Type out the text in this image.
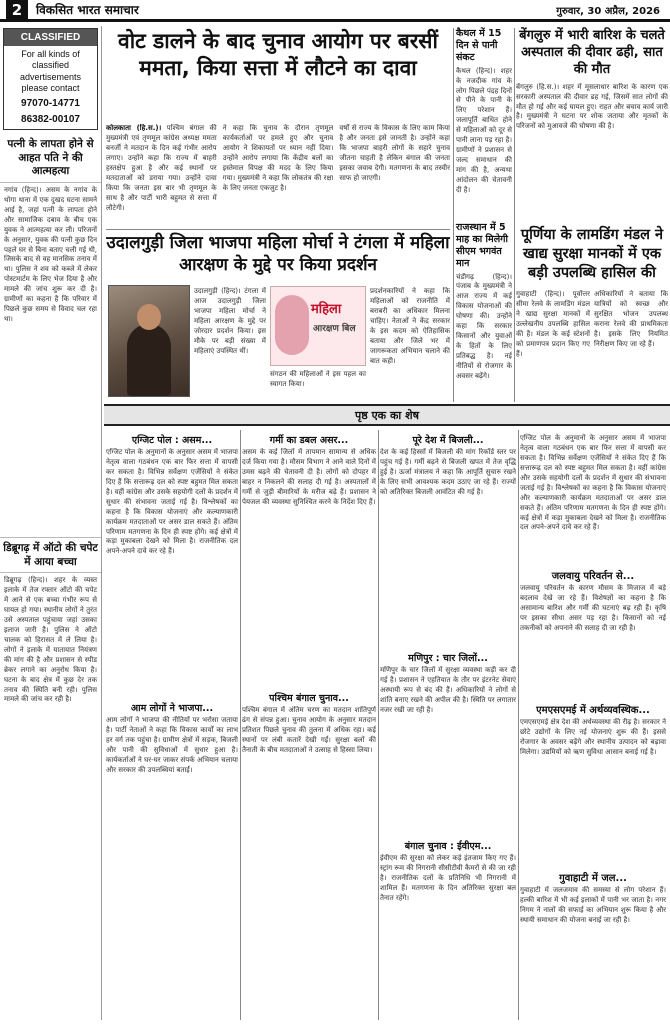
2	विकसित भारत समाचार	गुरुवार, 30 अप्रैल, 2026
CLASSIFIED
For all kinds of classified advertisements please contact
97070-14771
86382-00107
पत्नी के लापता होने से आहत पति ने की आत्महत्या
नगांव (हिन्द)। असम के नगांव के थोगा थाना में एक दुखद घटना सामने आई है, जहां पत्नी के लापता होने और सामाजिक दबाव के बीच एक युवक ने आत्महत्या कर ली। परिजनों के अनुसार, युवक की पत्नी कुछ दिन पहले घर से बिना बताए चली गई थी, जिसके बाद से वह मानसिक तनाव में था। पुलिस ने शव को कब्जे में लेकर पोस्टमार्टम के लिए भेज दिया है और मामले की जांच शुरू कर दी है। ग्रामीणों का कहना है कि परिवार में पिछले कुछ समय से विवाद चल रहा था।
डिब्रूगढ़ में ऑटो की चपेट में आया बच्चा
डिब्रूगढ़ (हिन्द)। शहर के व्यस्त इलाके में तेज रफ्तार ऑटो की चपेट में आने से एक बच्चा गंभीर रूप से घायल हो गया। स्थानीय लोगों ने तुरंत उसे अस्पताल पहुंचाया जहां उसका इलाज जारी है। पुलिस ने ऑटो चालक को हिरासत में ले लिया है। लोगों ने इलाके में यातायात नियंत्रण की मांग की है और प्रशासन से स्पीड ब्रेकर लगाने का अनुरोध किया है। घटना के बाद क्षेत्र में कुछ देर तक तनाव की स्थिति बनी रही। पुलिस मामले की जांच कर रही है।
वोट डालने के बाद चुनाव आयोग पर बरसीं ममता, किया सत्ता में लौटने का दावा
कोलकाता (हि.स.)। पश्चिम बंगाल की मुख्यमंत्री एवं तृणमूल कांग्रेस अध्यक्ष ममता बनर्जी ने मतदान के दिन कई गंभीर आरोप लगाए। उन्होंने कहा कि राज्य में बाहरी हस्तक्षेप हुआ है और कई स्थानों पर मतदाताओं को डराया गया। उन्होंने दावा किया कि जनता इस बार भी तृणमूल के साथ है और पार्टी भारी बहुमत से सत्ता में लौटेगी।
ने कहा कि चुनाव के दौरान तृणमूल कार्यकर्ताओं पर हमले हुए और चुनाव आयोग ने शिकायतों पर ध्यान नहीं दिया। उन्होंने आरोप लगाया कि केंद्रीय बलों का इस्तेमाल विपक्ष की मदद के लिए किया गया। मुख्यमंत्री ने कहा कि लोकतंत्र की रक्षा के लिए जनता एकजुट है।
वर्षों से राज्य के विकास के लिए काम किया है और जनता इसे जानती है। उन्होंने कहा कि भाजपा बाहरी लोगों के सहारे चुनाव जीतना चाहती है लेकिन बंगाल की जनता इसका जवाब देगी। मतगणना के बाद तस्वीर साफ हो जाएगी।
कैथल में 15 दिन से पानी संकट
कैथल (हिन्द)। शहर के नजदीक गांव के लोग पिछले पंद्रह दिनों से पीने के पानी के लिए परेशान हैं। जलापूर्ति बाधित होने से महिलाओं को दूर से पानी लाना पड़ रहा है। ग्रामीणों ने प्रशासन से जल्द समाधान की मांग की है, अन्यथा आंदोलन की चेतावनी दी है।
बेंगलुरु में भारी बारिश के चलते अस्पताल की दीवार ढही, सात की मौत
बेंगलुरु (हि.स.)। शहर में मूसलाधार बारिश के कारण एक सरकारी अस्पताल की दीवार ढह गई, जिसमें सात लोगों की मौत हो गई और कई घायल हुए। राहत और बचाव कार्य जारी है। मुख्यमंत्री ने घटना पर शोक जताया और मृतकों के परिजनों को मुआवजे की घोषणा की है।
उदालगुड़ी जिला भाजपा महिला मोर्चा ने टंगला में महिला आरक्षण के मुद्दे पर किया प्रदर्शन
उदालगुड़ी (हिन्द)। टंगला में आज उदालगुड़ी जिला भाजपा महिला मोर्चा ने महिला आरक्षण के मुद्दे पर जोरदार प्रदर्शन किया। इस मौके पर बड़ी संख्या में महिलाएं उपस्थित थीं।
महिला
आरक्षण बिल
संगठन की महिलाओं ने इस पहल का स्वागत किया।
प्रदर्शनकारियों ने कहा कि महिलाओं को राजनीति में बराबरी का अधिकार मिलना चाहिए। नेताओं ने केंद्र सरकार के इस कदम को ऐतिहासिक बताया और जिले भर में जागरूकता अभियान चलाने की बात कही।
राजस्थान में 5 माह का मिलेगी सीएम भगवंत मान
चंडीगढ़ (हिन्द)। पंजाब के मुख्यमंत्री ने आज राज्य में कई विकास योजनाओं की घोषणा की। उन्होंने कहा कि सरकार किसानों और युवाओं के हितों के लिए प्रतिबद्ध है। नई नीतियों से रोजगार के अवसर बढ़ेंगे।
पूर्णिया के लामडिंग मंडल ने खाद्य सुरक्षा मानकों में एक बड़ी उपलब्धि हासिल की
गुवाहाटी (हिन्द)। पूर्वोत्तर सीमा रेलवे के लामडिंग मंडल ने खाद्य सुरक्षा मानकों में उल्लेखनीय उपलब्धि हासिल की है। मंडल के कई स्टेशनों को प्रमाणपत्र प्रदान किए गए हैं।
अधिकारियों ने बताया कि यात्रियों को स्वच्छ और सुरक्षित भोजन उपलब्ध कराना रेलवे की प्राथमिकता है। इसके लिए नियमित निरीक्षण किए जा रहे हैं।
पृष्ठ एक का शेष
एग्जिट पोल : असम...
एग्जिट पोल के अनुमानों के अनुसार असम में भाजपा नेतृत्व वाला गठबंधन एक बार फिर सत्ता में वापसी कर सकता है। विभिन्न सर्वेक्षण एजेंसियों ने संकेत दिए हैं कि सत्तारूढ़ दल को स्पष्ट बहुमत मिल सकता है। वहीं कांग्रेस और उसके सहयोगी दलों के प्रदर्शन में सुधार की संभावना जताई गई है। विश्लेषकों का कहना है कि विकास योजनाएं और कल्याणकारी कार्यक्रम मतदाताओं पर असर डाल सकते हैं। अंतिम परिणाम मतगणना के दिन ही स्पष्ट होंगे। कई क्षेत्रों में कड़ा मुकाबला देखने को मिला है। राजनीतिक दल अपने-अपने दावे कर रहे हैं।
आम लोगों ने भाजपा...
आम लोगों ने भाजपा की नीतियों पर भरोसा जताया है। पार्टी नेताओं ने कहा कि विकास कार्यों का लाभ हर वर्ग तक पहुंचा है। ग्रामीण क्षेत्रों में सड़क, बिजली और पानी की सुविधाओं में सुधार हुआ है। कार्यकर्ताओं ने घर-घर जाकर संपर्क अभियान चलाया और सरकार की उपलब्धियां बताईं।
गर्मी का डबल असर...
असम के कई जिलों में तापमान सामान्य से अधिक दर्ज किया गया है। मौसम विभाग ने आने वाले दिनों में उमस बढ़ने की चेतावनी दी है। लोगों को दोपहर में बाहर न निकलने की सलाह दी गई है। अस्पतालों में गर्मी से जुड़ी बीमारियों के मरीज बढ़े हैं। प्रशासन ने पेयजल की व्यवस्था सुनिश्चित करने के निर्देश दिए हैं।
पश्चिम बंगाल चुनाव...
पश्चिम बंगाल में अंतिम चरण का मतदान शांतिपूर्ण ढंग से संपन्न हुआ। चुनाव आयोग के अनुसार मतदान प्रतिशत पिछले चुनाव की तुलना में अधिक रहा। कई स्थानों पर लंबी कतारें देखी गईं। सुरक्षा बलों की तैनाती के बीच मतदाताओं ने उत्साह से हिस्सा लिया।
पूरे देश में बिजली...
देश के कई हिस्सों में बिजली की मांग रिकॉर्ड स्तर पर पहुंच गई है। गर्मी बढ़ने से बिजली खपत में तेज वृद्धि हुई है। ऊर्जा मंत्रालय ने कहा कि आपूर्ति सुचारु रखने के लिए सभी आवश्यक कदम उठाए जा रहे हैं। राज्यों को अतिरिक्त बिजली आवंटित की गई है।
मणिपुर : चार जिलों...
मणिपुर के चार जिलों में सुरक्षा व्यवस्था कड़ी कर दी गई है। प्रशासन ने एहतियात के तौर पर इंटरनेट सेवाएं अस्थायी रूप से बंद की हैं। अधिकारियों ने लोगों से शांति बनाए रखने की अपील की है। स्थिति पर लगातार नजर रखी जा रही है।
बंगाल चुनाव : ईवीएम...
ईवीएम की सुरक्षा को लेकर कड़े इंतजाम किए गए हैं। स्ट्रांग रूम की निगरानी सीसीटीवी कैमरों से की जा रही है। राजनीतिक दलों के प्रतिनिधि भी निगरानी में शामिल हैं। मतगणना के दिन अतिरिक्त सुरक्षा बल तैनात रहेंगे।
एग्जिट पोल के अनुमानों के अनुसार असम में भाजपा नेतृत्व वाला गठबंधन एक बार फिर सत्ता में वापसी कर सकता है। विभिन्न सर्वेक्षण एजेंसियों ने संकेत दिए हैं कि सत्तारूढ़ दल को स्पष्ट बहुमत मिल सकता है। वहीं कांग्रेस और उसके सहयोगी दलों के प्रदर्शन में सुधार की संभावना जताई गई है। विश्लेषकों का कहना है कि विकास योजनाएं और कल्याणकारी कार्यक्रम मतदाताओं पर असर डाल सकते हैं। अंतिम परिणाम मतगणना के दिन ही स्पष्ट होंगे। कई क्षेत्रों में कड़ा मुकाबला देखने को मिला है। राजनीतिक दल अपने-अपने दावे कर रहे हैं।
जलवायु परिवर्तन से...
जलवायु परिवर्तन के कारण मौसम के मिजाज में बड़े बदलाव देखे जा रहे हैं। विशेषज्ञों का कहना है कि असामान्य बारिश और गर्मी की घटनाएं बढ़ रही हैं। कृषि पर इसका सीधा असर पड़ रहा है। किसानों को नई तकनीकों को अपनाने की सलाह दी जा रही है।
एमएसएमई में अर्थव्यवस्थिक...
एमएसएमई क्षेत्र देश की अर्थव्यवस्था की रीढ़ है। सरकार ने छोटे उद्योगों के लिए नई योजनाएं शुरू की हैं। इससे रोजगार के अवसर बढ़ेंगे और स्थानीय उत्पादन को बढ़ावा मिलेगा। उद्यमियों को ऋण सुविधा आसान बनाई गई है।
गुवाहाटी में जल...
गुवाहाटी में जलजमाव की समस्या से लोग परेशान हैं। हल्की बारिश में भी कई इलाकों में पानी भर जाता है। नगर निगम ने नालों की सफाई का अभियान शुरू किया है और स्थायी समाधान की योजना बनाई जा रही है।
